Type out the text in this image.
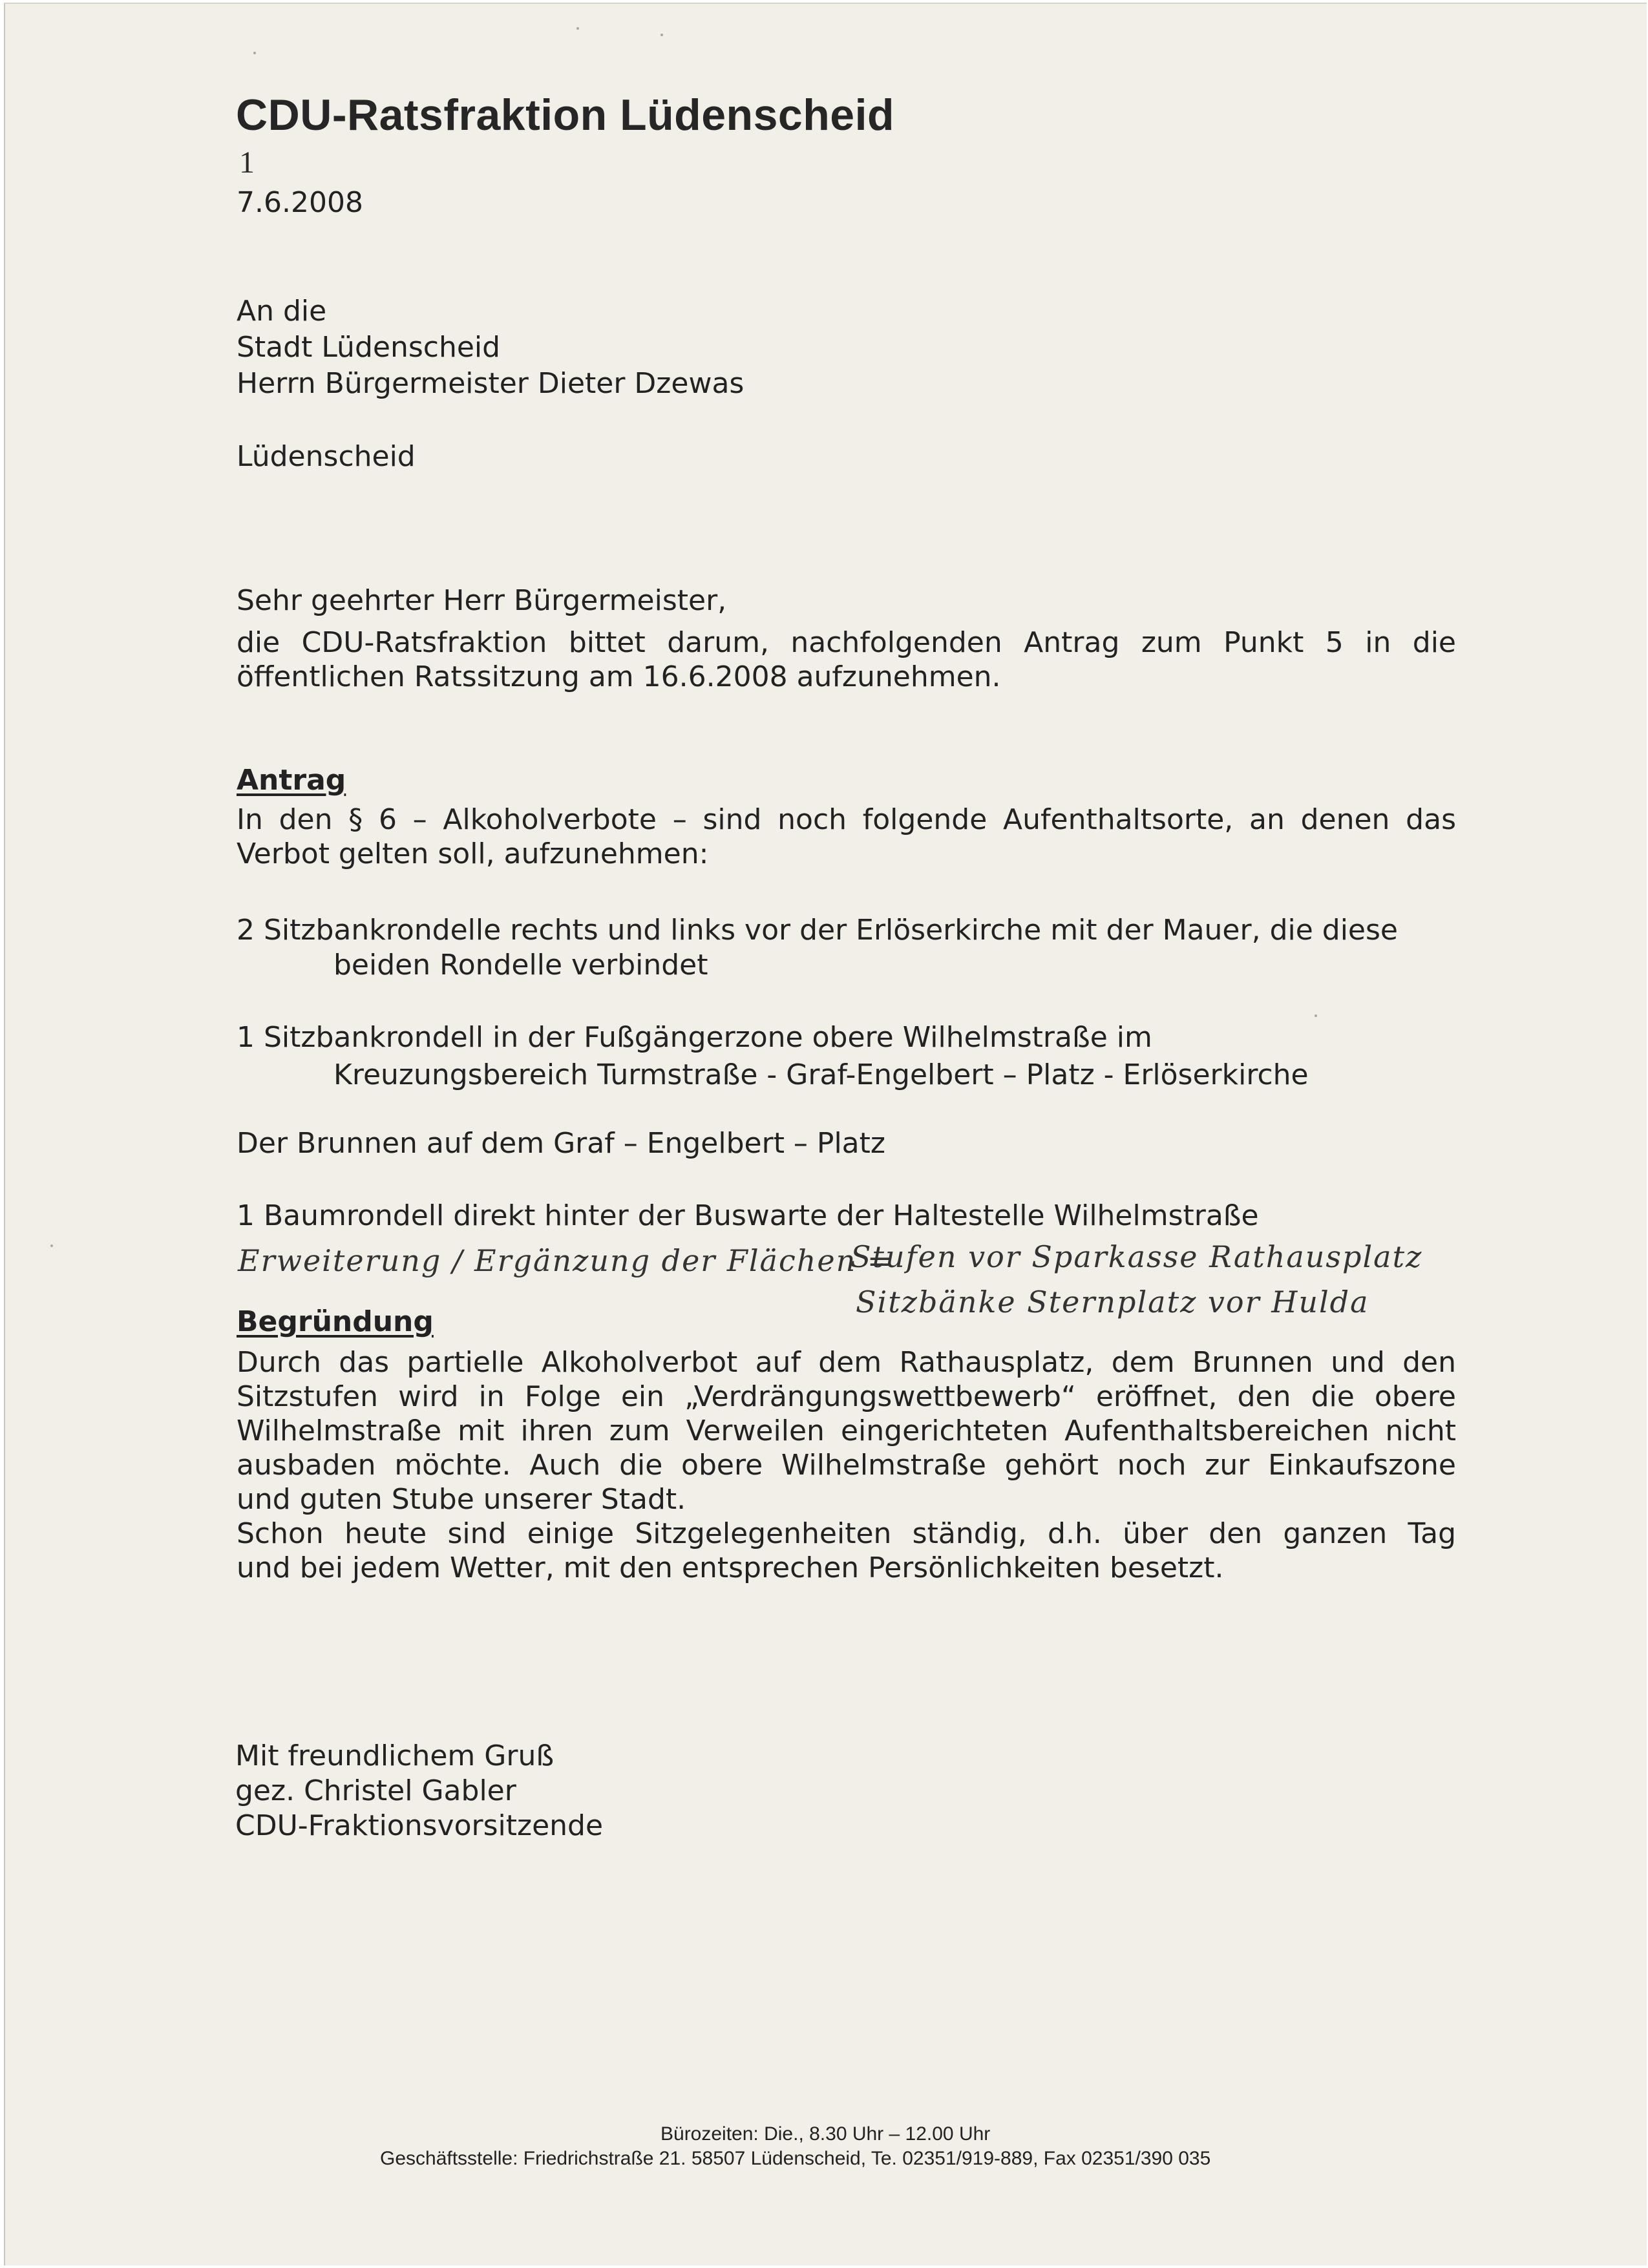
CDU-Ratsfraktion Lüdenscheid
1
7.6.2008
An die
Stadt Lüdenscheid
Herrn Bürgermeister Dieter Dzewas
Lüdenscheid
Sehr geehrter Herr Bürgermeister,
die CDU-Ratsfraktion bittet darum, nachfolgenden Antrag zum Punkt 5 in die
öffentlichen Ratssitzung am 16.6.2008 aufzunehmen.
Antrag
In den § 6 – Alkoholverbote – sind noch folgende Aufenthaltsorte, an denen das
Verbot gelten soll, aufzunehmen:
2 Sitzbankrondelle rechts und links vor der Erlöserkirche mit der Mauer, die diese
beiden Rondelle verbindet
1 Sitzbankrondell in der Fußgängerzone obere Wilhelmstraße im
Kreuzungsbereich Turmstraße - Graf-Engelbert – Platz - Erlöserkirche
Der Brunnen auf dem Graf – Engelbert – Platz
1 Baumrondell direkt hinter der Buswarte der Haltestelle Wilhelmstraße
Erweiterung / Ergänzung der Flächen =
Stufen vor Sparkasse Rathausplatz
Sitzbänke Sternplatz vor Hulda
Begründung
Durch das partielle Alkoholverbot auf dem Rathausplatz, dem Brunnen und den
Sitzstufen wird in Folge ein „Verdrängungswettbewerb“ eröffnet, den die obere
Wilhelmstraße mit ihren zum Verweilen eingerichteten Aufenthaltsbereichen nicht
ausbaden möchte. Auch die obere Wilhelmstraße gehört noch zur Einkaufszone
und guten Stube unserer Stadt.
Schon heute sind einige Sitzgelegenheiten ständig, d.h. über den ganzen Tag
und bei jedem Wetter, mit den entsprechen Persönlichkeiten besetzt.
Mit freundlichem Gruß
gez. Christel Gabler
CDU-Fraktionsvorsitzende
Bürozeiten: Die., 8.30 Uhr – 12.00 Uhr
Geschäftsstelle: Friedrichstraße 21. 58507 Lüdenscheid, Te. 02351/919-889, Fax 02351/390 035
